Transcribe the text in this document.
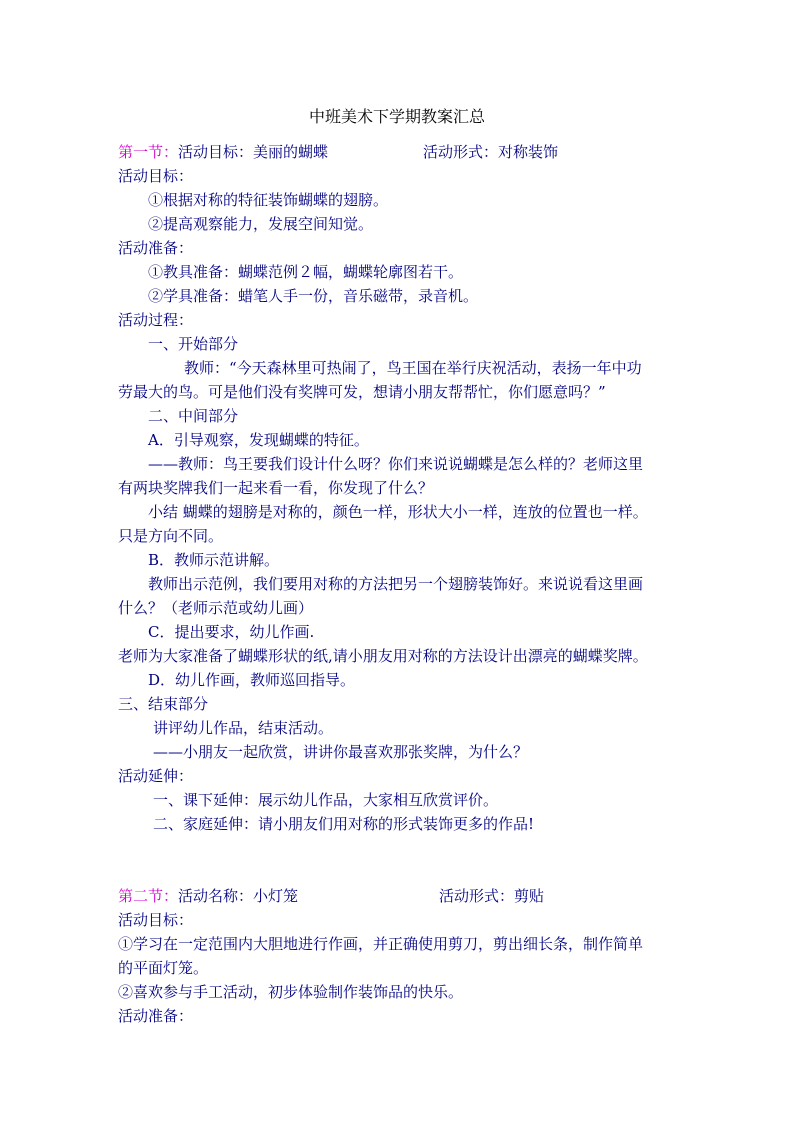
中班美术下学期教案汇总
第一节：活动目标：美丽的蝴蝶	活动形式：对称装饰
活动目标：
①根据对称的特征装饰蝴蝶的翅膀。
②提高观察能力，发展空间知觉。
活动准备：
①教具准备：蝴蝶范例２幅，蝴蝶轮廓图若干。
②学具准备：蜡笔人手一份，音乐磁带，录音机。
活动过程：
一、开始部分
教师：“今天森林里可热闹了，鸟王国在举行庆祝活动，表扬一年中功
劳最大的鸟。可是他们没有奖牌可发，想请小朋友帮帮忙，你们愿意吗？”
二、中间部分
A．引导观察，发现蝴蝶的特征。
——教师：鸟王要我们设计什么呀？你们来说说蝴蝶是怎么样的？老师这里
有两块奖牌我们一起来看一看，你发现了什么？
小结 蝴蝶的翅膀是对称的，颜色一样，形状大小一样，连放的位置也一样。
只是方向不同。
B．教师示范讲解。
教师出示范例，我们要用对称的方法把另一个翅膀装饰好。来说说看这里画
什么？（老师示范或幼儿画）
C．提出要求，幼儿作画.
老师为大家准备了蝴蝶形状的纸,请小朋友用对称的方法设计出漂亮的蝴蝶奖牌。
D．幼儿作画，教师巡回指导。
三、结束部分
讲评幼儿作品，结束活动。
——小朋友一起欣赏，讲讲你最喜欢那张奖牌，为什么？
活动延伸：
一、课下延伸：展示幼儿作品，大家相互欣赏评价。
二、家庭延伸：请小朋友们用对称的形式装饰更多的作品!
第二节：活动名称：小灯笼	活动形式：剪贴
活动目标：
①学习在一定范围内大胆地进行作画，并正确使用剪刀，剪出细长条，制作简单
的平面灯笼。
②喜欢参与手工活动，初步体验制作装饰品的快乐。
活动准备：
